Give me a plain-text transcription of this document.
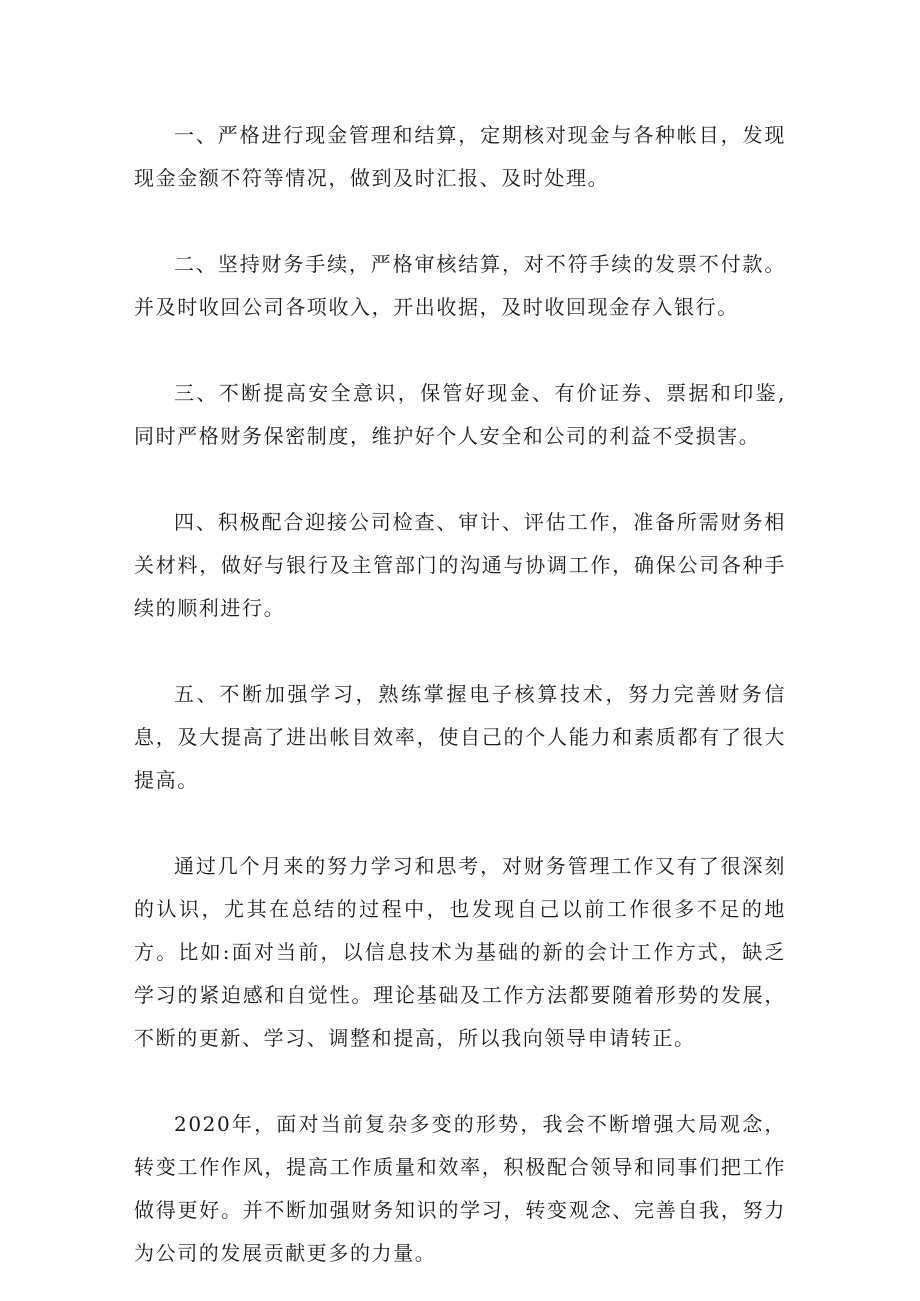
一、严格进行现金管理和结算，定期核对现金与各种帐目，发现现金金额不符等情况，做到及时汇报、及时处理。

二、坚持财务手续，严格审核结算，对不符手续的发票不付款。并及时收回公司各项收入，开出收据，及时收回现金存入银行。

三、不断提高安全意识，保管好现金、有价证券、票据和印鉴,同时严格财务保密制度，维护好个人安全和公司的利益不受损害。

四、积极配合迎接公司检查、审计、评估工作，准备所需财务相关材料，做好与银行及主管部门的沟通与协调工作，确保公司各种手续的顺利进行。

五、不断加强学习，熟练掌握电子核算技术，努力完善财务信息，及大提高了进出帐目效率，使自己的个人能力和素质都有了很大提高。

通过几个月来的努力学习和思考，对财务管理工作又有了很深刻的认识，尤其在总结的过程中，也发现自己以前工作很多不足的地方。比如:面对当前，以信息技术为基础的新的会计工作方式，缺乏学习的紧迫感和自觉性。理论基础及工作方法都要随着形势的发展，不断的更新、学习、调整和提高，所以我向领导申请转正。

2020年，面对当前复杂多变的形势，我会不断增强大局观念，转变工作作风，提高工作质量和效率，积极配合领导和同事们把工作做得更好。并不断加强财务知识的学习，转变观念、完善自我，努力为公司的发展贡献更多的力量。
